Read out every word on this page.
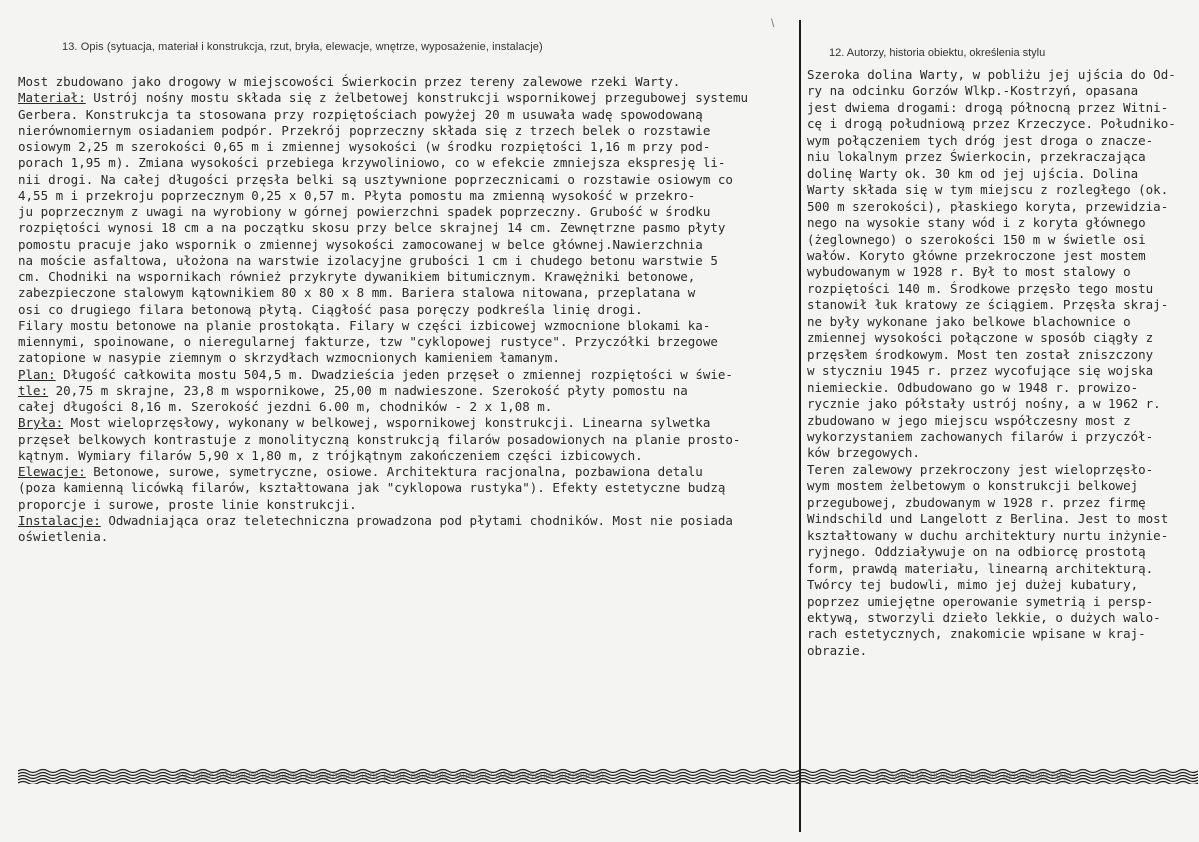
13. Opis (sytuacja, materiał i konstrukcja, rzut, bryła, elewacje, wnętrze, wyposażenie, instalacje)
\
12. Autorzy, historia obiektu, określenia stylu
Most zbudowano jako drogowy w miejscowości Świerkocin przez tereny zalewowe rzeki Warty.
Materiał: Ustrój nośny mostu składa się z żelbetowej konstrukcji wspornikowej przegubowej systemu
Gerbera. Konstrukcja ta stosowana przy rozpiętościach powyżej 20 m usuwała wadę spowodowaną
nierównomiernym osiadaniem podpór. Przekrój poprzeczny składa się z trzech belek o rozstawie
osiowym 2,25 m szerokości 0,65 m i zmiennej wysokości (w środku rozpiętości 1,16 m przy pod-
porach 1,95 m). Zmiana wysokości przebiega krzywoliniowo, co w efekcie zmniejsza ekspresję li-
nii drogi. Na całej długości przęsła belki są usztywnione poprzecznicami o rozstawie osiowym co
4,55 m i przekroju poprzecznym 0,25 x 0,57 m. Płyta pomostu ma zmienną wysokość w przekro-
ju poprzecznym z uwagi na wyrobiony w górnej powierzchni spadek poprzeczny. Grubość w środku
rozpiętości wynosi 18 cm a na początku skosu przy belce skrajnej 14 cm. Zewnętrzne pasmo płyty
pomostu pracuje jako wspornik o zmiennej wysokości zamocowanej w belce głównej.Nawierzchnia
na moście asfaltowa, ułożona na warstwie izolacyjne grubości 1 cm i chudego betonu warstwie 5
cm. Chodniki na wspornikach również przykryte dywanikiem bitumicznym. Krawężniki betonowe,
zabezpieczone stalowym kątownikiem 80 x 80 x 8 mm. Bariera stalowa nitowana, przeplatana w
osi co drugiego filara betonową płytą. Ciągłość pasa poręczy podkreśla linię drogi.
Filary mostu betonowe na planie prostokąta. Filary w części izbicowej wzmocnione blokami ka-
miennymi, spoinowane, o nieregularnej fakturze, tzw "cyklopowej rustyce". Przyczółki brzegowe
zatopione w nasypie ziemnym o skrzydłach wzmocnionych kamieniem łamanym.
Plan: Długość całkowita mostu 504,5 m. Dwadzieścia jeden przęseł o zmiennej rozpiętości w świe-
tle: 20,75 m skrajne, 23,8 m wspornikowe, 25,00 m nadwieszone. Szerokość płyty pomostu na
całej długości 8,16 m. Szerokość jezdni 6.00 m, chodników - 2 x 1,08 m.
Bryła: Most wieloprzęsłowy, wykonany w belkowej, wspornikowej konstrukcji. Linearna sylwetka
przęseł belkowych kontrastuje z monolityczną konstrukcją filarów posadowionych na planie prosto-
kątnym. Wymiary filarów 5,90 x 1,80 m, z trójkątnym zakończeniem części izbicowych.
Elewacje: Betonowe, surowe, symetryczne, osiowe. Architektura racjonalna, pozbawiona detalu
(poza kamienną licówką filarów, kształtowana jak "cyklopowa rustyka"). Efekty estetyczne budzą
proporcje i surowe, proste linie konstrukcji.
Instalacje: Odwadniająca oraz teletechniczna prowadzona pod płytami chodników. Most nie posiada
oświetlenia.
Szeroka dolina Warty, w pobliżu jej ujścia do Od-
ry na odcinku Gorzów Wlkp.-Kostrzyń, opasana
jest dwiema drogami: drogą północną przez Witni-
cę i drogą południową przez Krzeczyce. Południko-
wym połączeniem tych dróg jest droga o znacze-
niu lokalnym przez Świerkocin, przekraczająca
dolinę Warty ok. 30 km od jej ujścia. Dolina
Warty składa się w tym miejscu z rozległego (ok.
500 m szerokości), płaskiego koryta, przewidzia-
nego na wysokie stany wód i z koryta głównego
(żeglownego) o szerokości 150 m w świetle osi
wałów. Koryto główne przekroczone jest mostem
wybudowanym w 1928 r. Był to most stalowy o
rozpiętości 140 m. Środkowe przęsło tego mostu
stanowił łuk kratowy ze ściągiem. Przęsła skraj-
ne były wykonane jako belkowe blachownice o
zmiennej wysokości połączone w sposób ciągły z
przęsłem środkowym. Most ten został zniszczony
w styczniu 1945 r. przez wycofujące się wojska
niemieckie. Odbudowano go w 1948 r. prowizo-
rycznie jako półstały ustrój nośny, a w 1962 r.
zbudowano w jego miejscu współczesny most z
wykorzystaniem zachowanych filarów i przyczół-
ków brzegowych.
Teren zalewowy przekroczony jest wieloprzęsło-
wym mostem żelbetowym o konstrukcji belkowej
przegubowej, zbudowanym w 1928 r. przez firmę
Windschild und Langelott z Berlina. Jest to most
kształtowany w duchu architektury nurtu inżynie-
ryjnego. Oddziaływuje on na odbiorcę prostotą
form, prawdą materiału, linearną architekturą.
Twórcy tej budowli, mimo jej dużej kubatury,
poprzez umiejętne operowanie symetrią i persp-
ektywą, stworzyli dzieło lekkie, o dużych walo-
rach estetycznych, znakomicie wpisane w kraj-
obrazie.
13. Opis (sytuacja, materiał i konstrukcja, rzut, bryła, elewacje, wnętrze, wyposażenie, instalacje)	12. Autorzy, historia obiektu, określenia stylu
